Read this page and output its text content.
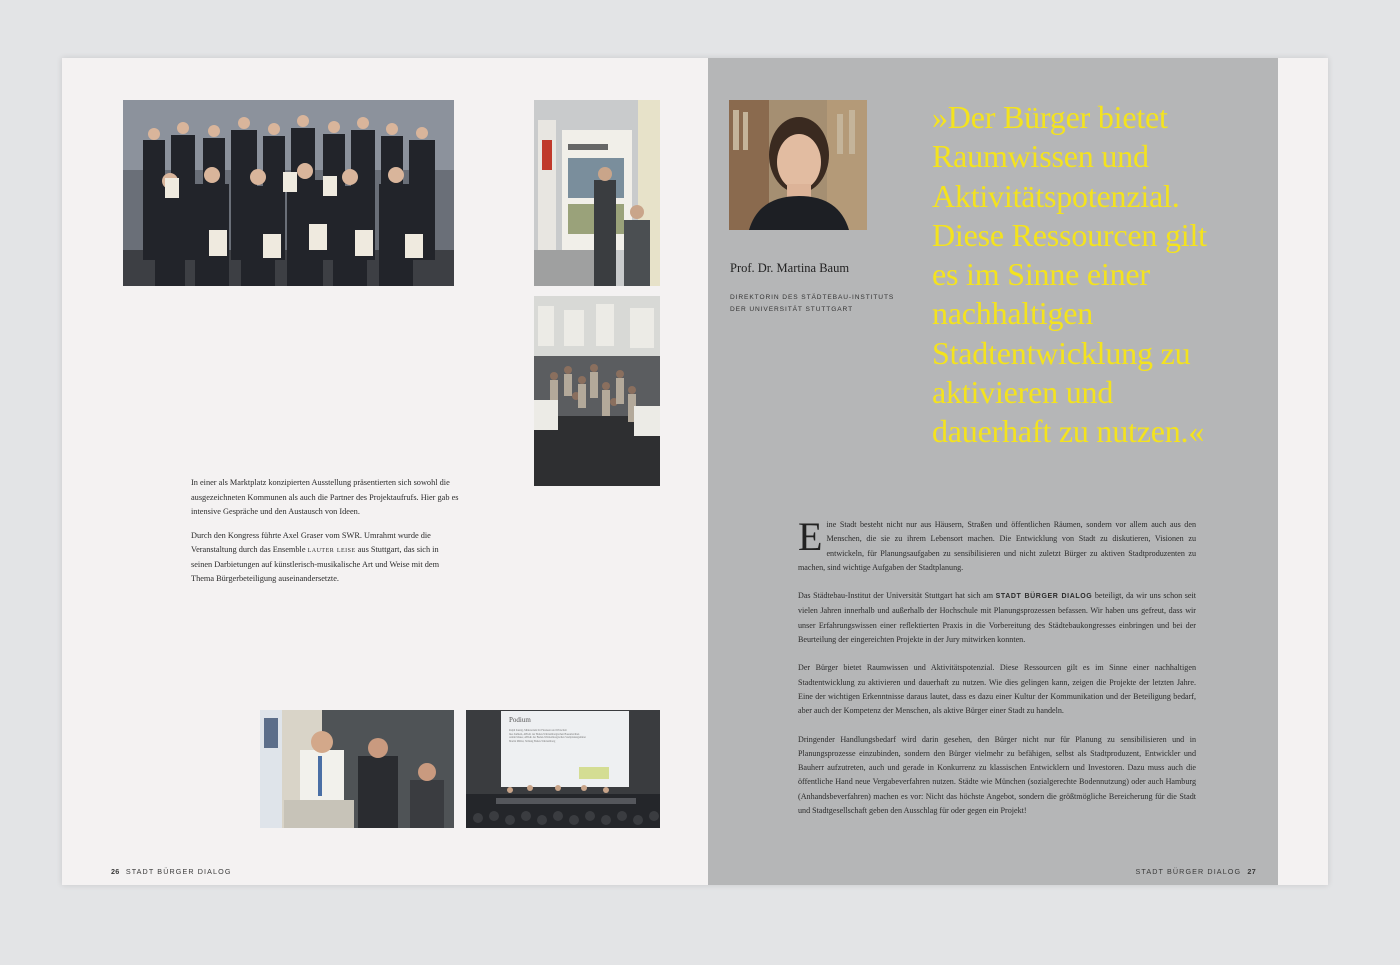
In einer als Marktplatz konzipierten Ausstellung präsentierten sich sowohl die ausgezeichneten Kommunen als auch die Partner des Projektaufrufs. Hier gab es intensive Gespräche und den Austausch von Ideen.

Durch den Kongress führte Axel Graser vom SWR. Umrahmt wurde die Veranstaltung durch das Ensemble lauter leise aus Stuttgart, das sich in seinen Darbietungen auf künstlerisch-musikalische Art und Weise mit dem Thema Bürgerbeteiligung auseinandersetzte.

Podium
Ralph Kienig, Ministerium für Finanzen und Wirtschaft
Ines Kuhlem, ABGR. der Baden-Württembergischen Bauaufsichten
Armin Mauer, ABGR. der Baden-Württembergischen Stadtplanungsämter
Martin Müller, Stiftung Baden-Württemberg
26 STADT BÜRGER DIALOG
Prof. Dr. Martina Baum
DIREKTORIN DES STÄDTEBAU-INSTITUTS
DER UNIVERSITÄT STUTTGART
»Der Bürger bietet
Raumwissen und
Aktivitätspotenzial.
Diese Ressourcen gilt
es im Sinne einer
nachhaltigen
Stadtentwicklung zu
aktivieren und
dauerhaft zu nutzen.«

Eine Stadt besteht nicht nur aus Häusern, Straßen und öffentlichen Räumen, sondern vor allem auch aus den Menschen, die sie zu ihrem Lebensort machen. Die Entwicklung von Stadt zu diskutieren, Visionen zu entwickeln, für Planungsaufgaben zu sensibilisieren und nicht zuletzt Bürger zu aktiven Stadtproduzenten zu machen, sind wichtige Aufgaben der Stadtplanung.

Das Städtebau-Institut der Universität Stuttgart hat sich am STADT BÜRGER DIALOG beteiligt, da wir uns schon seit vielen Jahren innerhalb und außerhalb der Hochschule mit Planungsprozessen befassen. Wir haben uns gefreut, dass wir unser Erfahrungswissen einer reflektierten Praxis in die Vorbereitung des Städtebaukongresses einbringen und bei der Beurteilung der eingereichten Projekte in der Jury mitwirken konnten.

Der Bürger bietet Raumwissen und Aktivitätspotenzial. Diese Ressourcen gilt es im Sinne einer nachhaltigen Stadtentwicklung zu aktivieren und dauerhaft zu nutzen. Wie dies gelingen kann, zeigen die Projekte der letzten Jahre. Eine der wichtigen Erkenntnisse daraus lautet, dass es dazu einer Kultur der Kommunikation und der Beteiligung bedarf, aber auch der Kompetenz der Menschen, als aktive Bürger einer Stadt zu handeln.

Dringender Handlungsbedarf wird darin gesehen, den Bürger nicht nur für Planung zu sensibilisieren und in Planungsprozesse einzubinden, sondern den Bürger vielmehr zu befähigen, selbst als Stadtproduzent, Entwickler und Bauherr aufzutreten, auch und gerade in Konkurrenz zu klassischen Entwicklern und Investoren. Dazu muss auch die öffentliche Hand neue Vergabeverfahren nutzen. Städte wie München (sozialgerechte Bodennutzung) oder auch Hamburg (Anhandsbeverfahren) machen es vor: Nicht das höchste Angebot, sondern die größtmögliche Bereicherung für die Stadt und Stadtgesellschaft geben den Ausschlag für oder gegen ein Projekt!

STADT BÜRGER DIALOG 27
